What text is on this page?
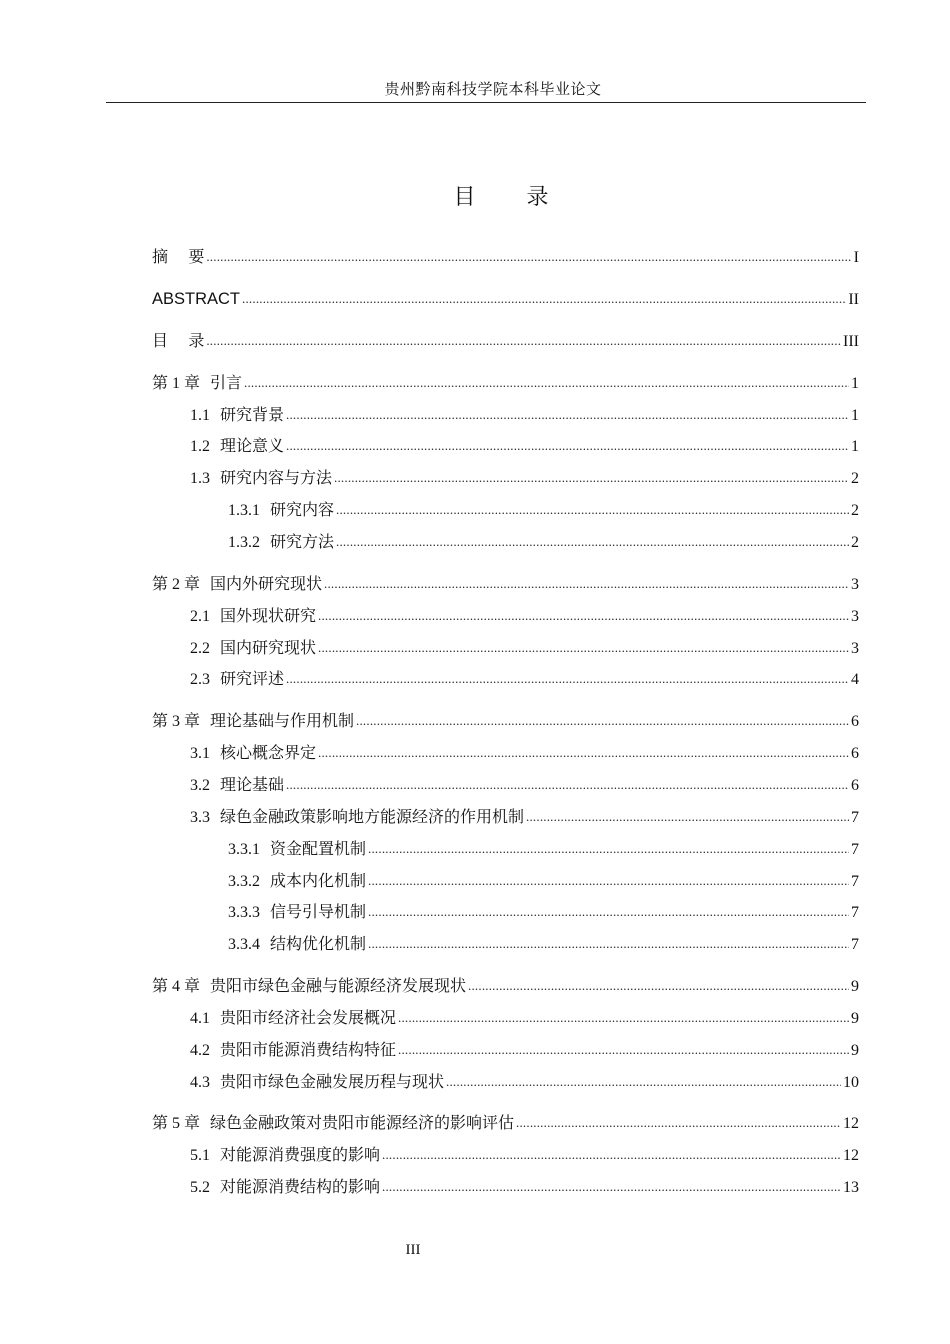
贵州黔南科技学院本科毕业论文
目 录
摘    要 .....	I
ABSTRACT .....	II
目    录 .....	III
第 1 章 引言 .....	1
1.1 研究背景 .....	1
1.2 理论意义 .....	1
1.3 研究内容与方法 .....	2
1.3.1 研究内容 .....	2
1.3.2 研究方法 .....	2
第 2 章 国内外研究现状 .....	3
2.1 国外现状研究 .....	3
2.2 国内研究现状 .....	3
2.3 研究评述 .....	4
第 3 章 理论基础与作用机制 .....	6
3.1 核心概念界定 .....	6
3.2 理论基础 .....	6
3.3 绿色金融政策影响地方能源经济的作用机制 .....	7
3.3.1 资金配置机制 .....	7
3.3.2 成本内化机制 .....	7
3.3.3 信号引导机制 .....	7
3.3.4 结构优化机制 .....	7
第 4 章 贵阳市绿色金融与能源经济发展现状 .....	9
4.1 贵阳市经济社会发展概况 .....	9
4.2 贵阳市能源消费结构特征 .....	9
4.3 贵阳市绿色金融发展历程与现状 .....	10
第 5 章 绿色金融政策对贵阳市能源经济的影响评估 .....	12
5.1 对能源消费强度的影响 .....	12
5.2 对能源消费结构的影响 .....	13
III
